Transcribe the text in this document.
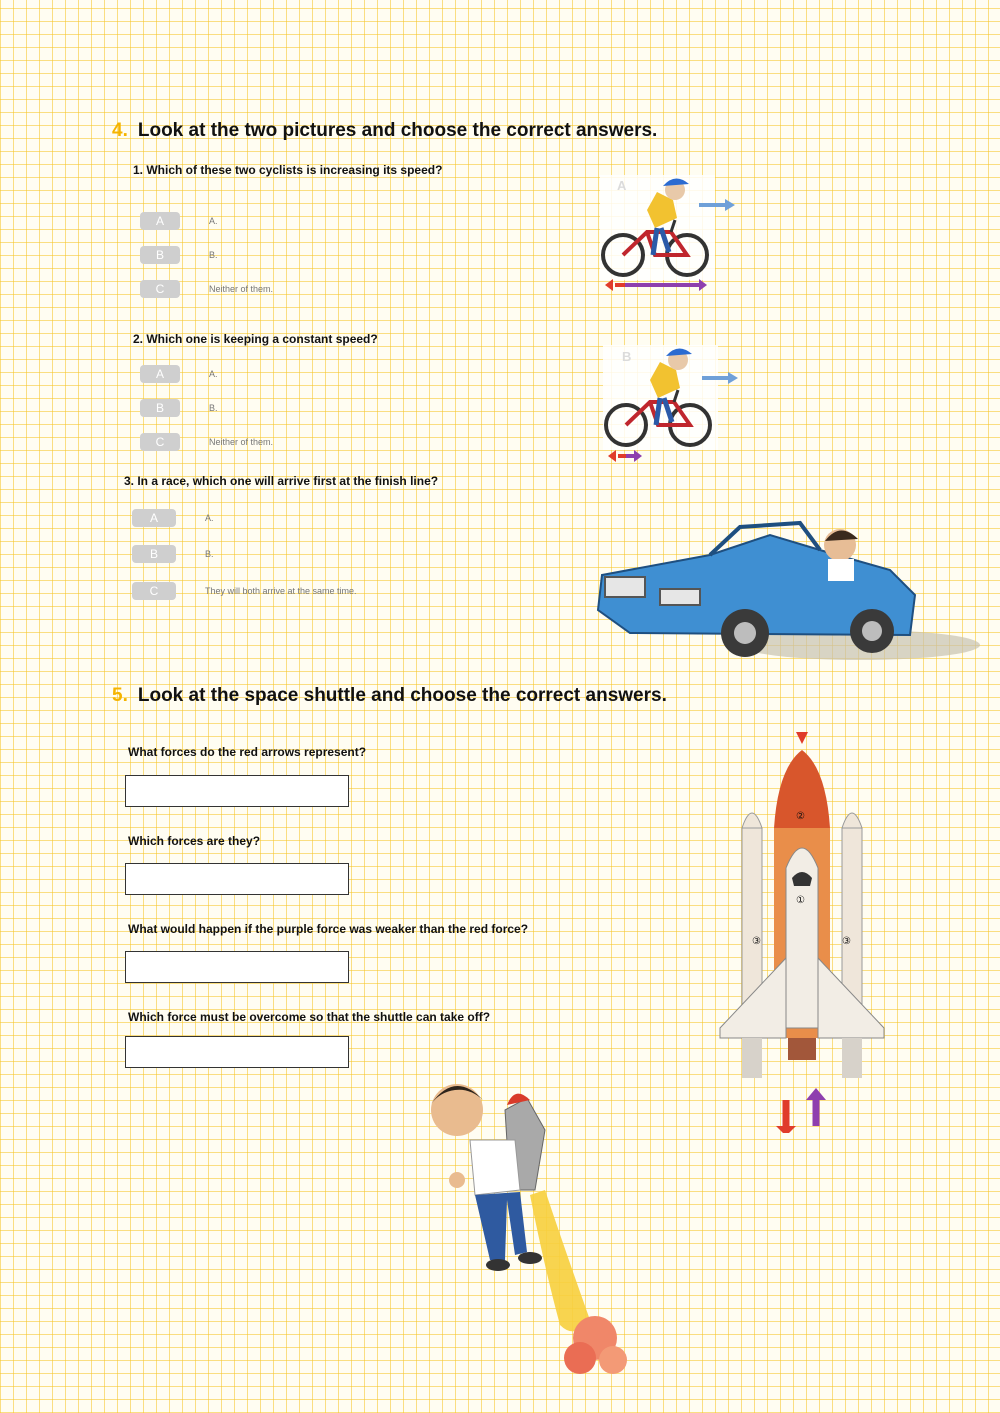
4. Look at the two pictures and choose the correct answers.
1. Which of these two cyclists is increasing its speed?
A	A.
B	B.
C	Neither of them.
2. Which one is keeping a constant speed?
A	A.
B	B.
C	Neither of them.
3. In a race, which one will arrive first at the finish line?
A	A.
B	B.
C	They will both arrive at the same time.
5. Look at the space shuttle and choose the correct answers.
What forces do the red arrows represent?
Which forces are they?
What would happen if the purple force was weaker than the red force?
Which force must be overcome so that the shuttle can take off?
②
①
③	③
